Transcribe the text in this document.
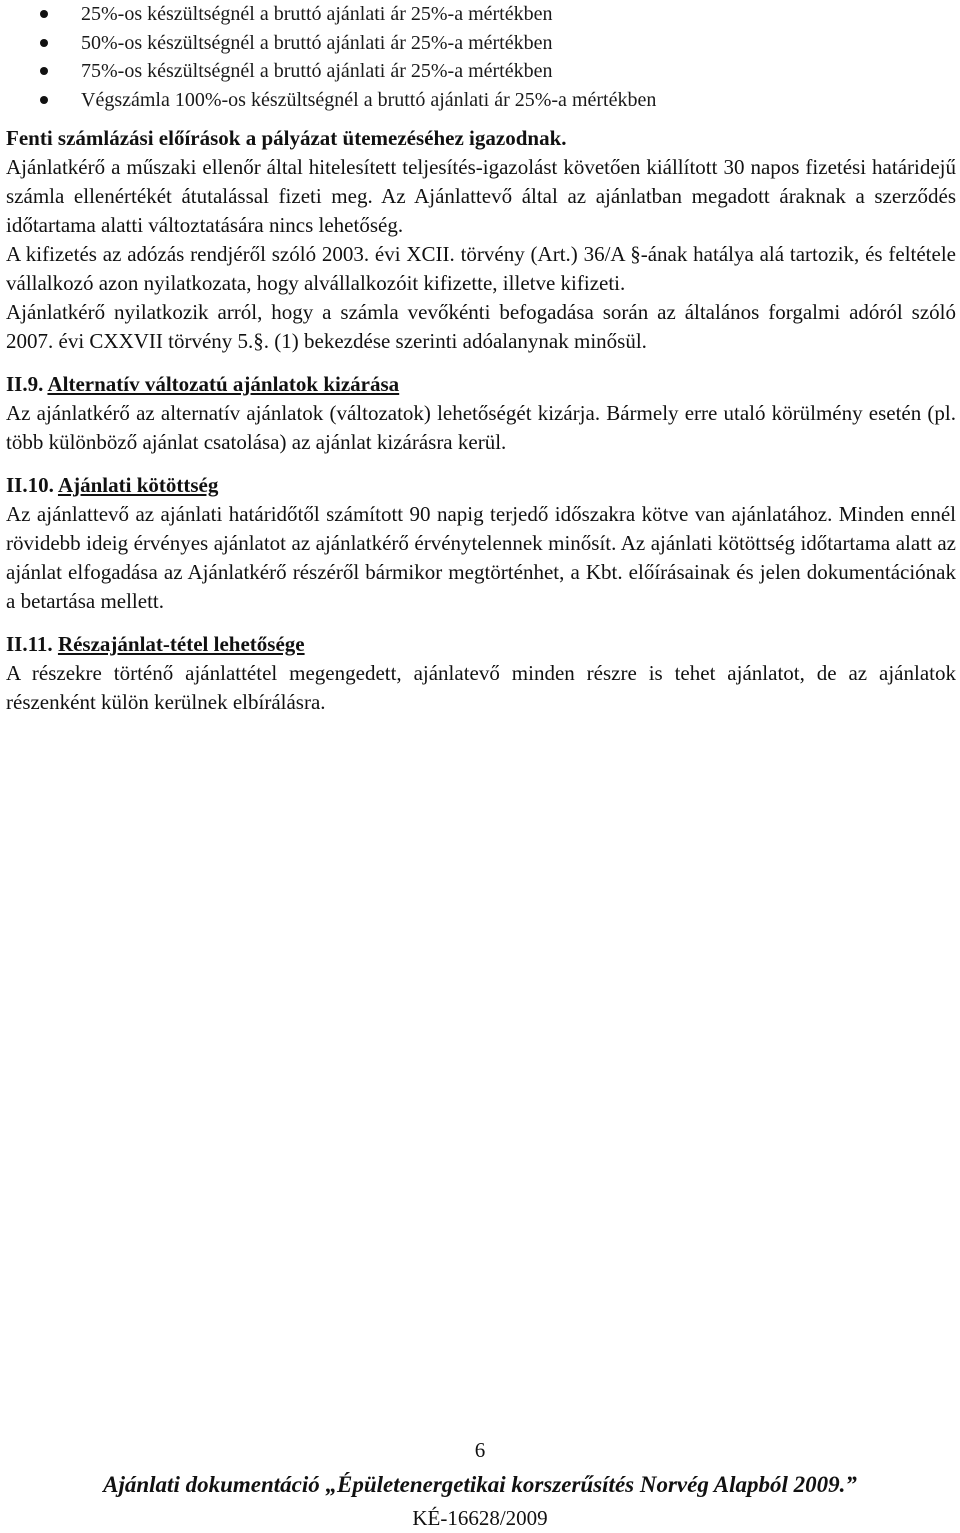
25%-os készültségnél a bruttó ajánlati ár 25%-a mértékben
50%-os készültségnél a bruttó ajánlati ár 25%-a mértékben
75%-os készültségnél a bruttó ajánlati ár 25%-a mértékben
Végszámla 100%-os készültségnél a bruttó ajánlati ár 25%-a mértékben

Fenti számlázási előírások a pályázat ütemezéséhez igazodnak.

Ajánlatkérő a műszaki ellenőr által hitelesített teljesítés-igazolást követően kiállított 30 napos fizetési határidejű számla ellenértékét átutalással fizeti meg. Az Ajánlattevő által az ajánlatban megadott áraknak a szerződés időtartama alatti változtatására nincs lehetőség.

A kifizetés az adózás rendjéről szóló 2003. évi XCII. törvény (Art.) 36/A §-ának hatálya alá tartozik, és feltétele vállalkozó azon nyilatkozata, hogy alvállalkozóit kifizette, illetve kifizeti.

Ajánlatkérő nyilatkozik arról, hogy a számla vevőkénti befogadása során az általános forgalmi adóról szóló 2007. évi CXXVII törvény 5.§. (1) bekezdése szerinti adóalanynak minősül.

II.9. Alternatív változatú ajánlatok kizárása

Az ajánlatkérő az alternatív ajánlatok (változatok) lehetőségét kizárja. Bármely erre utaló körülmény esetén (pl. több különböző ajánlat csatolása) az ajánlat kizárásra kerül.

II.10. Ajánlati kötöttség

Az ajánlattevő az ajánlati határidőtől számított 90 napig terjedő időszakra kötve van ajánlatához. Minden ennél rövidebb ideig érvényes ajánlatot az ajánlatkérő érvénytelennek minősít. Az ajánlati kötöttség időtartama alatt az ajánlat elfogadása az Ajánlatkérő részéről bármikor megtörténhet, a Kbt. előírásainak és jelen dokumentációnak a betartása mellett.

II.11. Részajánlat-tétel lehetősége

A részekre történő ajánlattétel megengedett, ajánlatevő minden részre is tehet ajánlatot, de az ajánlatok részenként külön kerülnek elbírálásra.

6
Ajánlati dokumentáció „Épületenergetikai korszerűsítés Norvég Alapból 2009.”
KÉ-16628/2009
